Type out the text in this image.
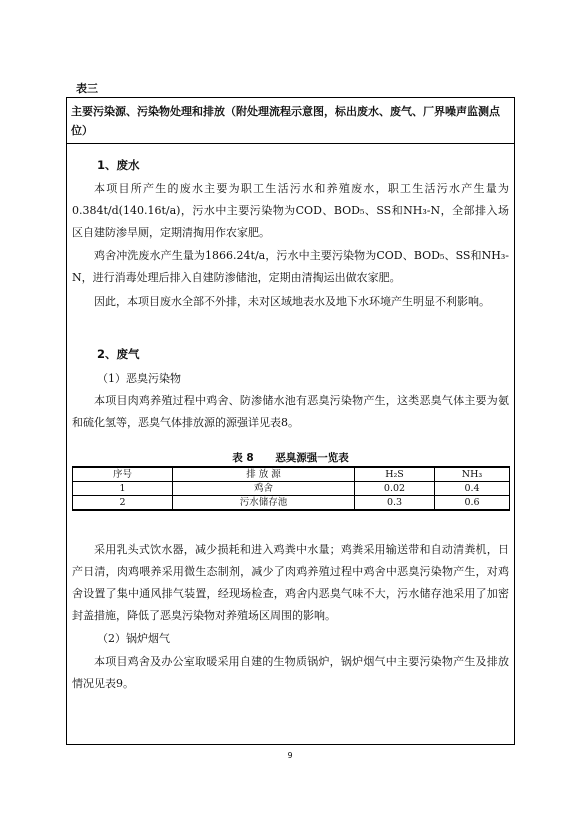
表三
主要污染源、污染物处理和排放（附处理流程示意图，标出废水、废气、厂界噪声监测点位）
1、废水

本项目所产生的废水主要为职工生活污水和养殖废水，职工生活污水产生量为0.384t/d(140.16t/a)，污水中主要污染物为COD、BOD₅、SS和NH₃-N，全部排入场区自建防渗旱厕，定期清掏用作农家肥。

鸡舍冲洗废水产生量为1866.24t/a，污水中主要污染物为COD、BOD₅、SS和NH₃-N，进行消毒处理后排入自建防渗储池，定期由清掏运出做农家肥。

因此，本项目废水全部不外排，未对区域地表水及地下水环境产生明显不利影响。

2、废气
（1）恶臭污染物

本项目肉鸡养殖过程中鸡舍、防渗储水池有恶臭污染物产生，这类恶臭气体主要为氨和硫化氢等，恶臭气体排放源的源强详见表8。

表 8 恶臭源强一览表
序号	排 放 源	H₂S	NH₃
1	鸡舍	0.02	0.4
2	污水储存池	0.3	0.6

采用乳头式饮水器，减少损耗和进入鸡粪中水量；鸡粪采用输送带和自动清粪机，日产日清，肉鸡喂养采用微生态制剂，减少了肉鸡养殖过程中鸡舍中恶臭污染物产生，对鸡舍设置了集中通风排气装置，经现场检查，鸡舍内恶臭气味不大，污水储存池采用了加密封盖措施，降低了恶臭污染物对养殖场区周围的影响。

（2）锅炉烟气

本项目鸡舍及办公室取暖采用自建的生物质锅炉，锅炉烟气中主要污染物产生及排放情况见表9。

9
